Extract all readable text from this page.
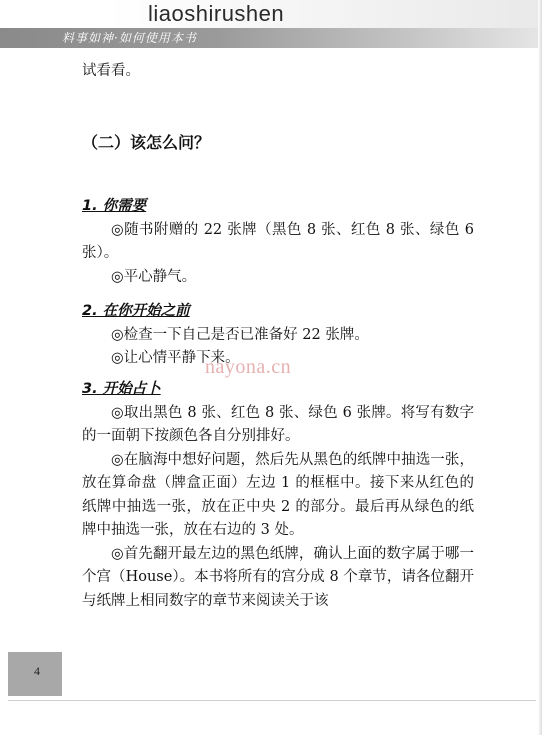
liaoshirushen
料事如神·如何使用本书

试看看。

（二）该怎么问？

1. 你需要

◎随书附赠的 22 张牌（黑色 8 张、红色 8 张、绿色 6 张）。

◎平心静气。

2. 在你开始之前

◎检查一下自己是否已准备好 22 张牌。

◎让心情平静下来。

3. 开始占卜

◎取出黑色 8 张、红色 8 张、绿色 6 张牌。将写有数字的一面朝下按颜色各自分别排好。

◎在脑海中想好问题，然后先从黑色的纸牌中抽选一张，放在算命盘（牌盒正面）左边 1 的框框中。接下来从红色的纸牌中抽选一张，放在正中央 2 的部分。最后再从绿色的纸牌中抽选一张，放在右边的 3 处。

◎首先翻开最左边的黑色纸牌，确认上面的数字属于哪一个宫（House）。本书将所有的宫分成 8 个章节，请各位翻开与纸牌上相同数字的章节来阅读关于该

nayona.cn
4
